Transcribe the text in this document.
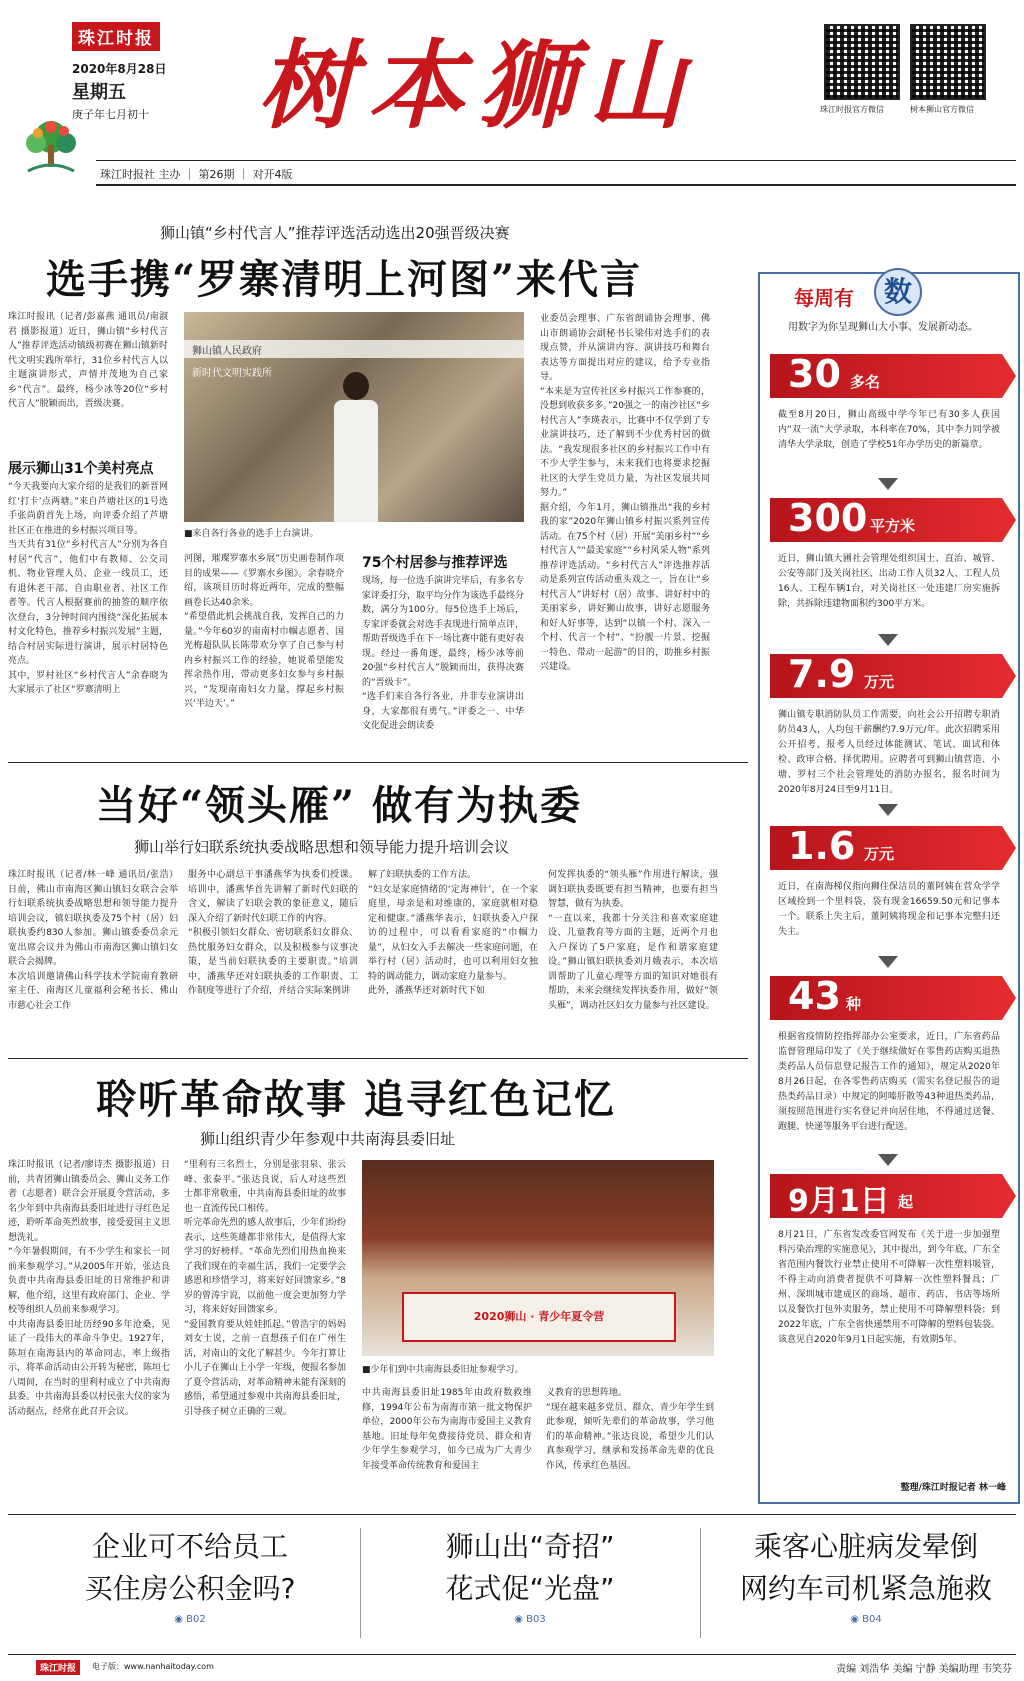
珠江时报
2020年8月28日
星期五
庚子年七月初十 树本狮山	珠江时报官方微信	树本狮山官方微信
珠江时报社 主办 ｜ 第26期 ｜ 对开4版
狮山镇“乡村代言人”推荐评选活动选出20强晋级决赛
选手携“罗寨清明上河图”来代言
珠江时报讯（记者/彭嘉燕 通讯员/南淑君 摄影报道）近日，狮山镇“乡村代言人”推荐评选活动镇级初赛在狮山镇新时代文明实践所举行，31位乡村代言人以主题演讲形式，声情并茂地为自己家乡“代言”。最终，杨少冰等20位“乡村代言人”脱颖而出，晋级决赛。
展示狮山31个美村亮点
“今天我要向大家介绍的是我们的新晋网红‘打卡’点两塘。”来自芦塘社区的1号选手张尚蔚首先上场，向评委介绍了芦塘社区正在推进的乡村振兴项目等。
当天共有31位“乡村代言人”分别为各自村居“代言”，他们中有教师、公交司机、物业管理人员、企业一线员工，还有退休老干部、自由职业者、社区工作者等。代言人根据赛前的抽签的顺序依次登台，3分钟时间内围绕“深化拓展本村文化特色，推荐乡村振兴发展”主题，结合村居实际进行演讲，展示村居特色亮点。
其中，罗村社区“乡村代言人”余春晓为大家展示了社区“罗寨清明上
狮山镇人民政府
新时代文明实践所
■来自各行各业的选手上台演讲。
河图，璀璨罗寨水乡展”历史画卷制作项目的成果——《罗寨水乡图》。余春晓介绍，该项目历时将近两年，完成的整幅画卷长达40余米。
“希望借此机会挑战自我，发挥自己的力量。”今年60岁的南南村巾帼志愿者、国光梅超队队长陈带欢分享了自己参与村内乡村振兴工作的经验，她说希望能发挥余热作用，带动更多妇女参与乡村振兴，“发现南南妇女力量，撑起乡村振兴‘半边天’。”
75个村居参与推荐评选
现场，每一位选手演讲完毕后，有多名专家评委打分，取平均分作为该选手最终分数，满分为100分。每5位选手上场后，专家评委就会对选手表现进行简单点评，帮助晋级选手在下一场比赛中能有更好表现。经过一番角逐，最终，杨少冰等前20强“乡村代言人”脱颖而出，获得决赛的“晋级卡”。
“选手们来自各行各业，并非专业演讲出身，大家都很有勇气。”评委之一、中华文化促进会朗读委
业委员会理事、广东省朗诵协会理事、佛山市朗诵协会副秘书长梁伟对选手们的表现点赞，并从演讲内容、演讲技巧和舞台表达等方面提出对应的建议，给予专业指导。
“本来是为宣传社区乡村振兴工作参赛的，没想到收获多多。”20强之一的南沙社区“乡村代言人”李瑛表示，比赛中不仅学到了专业演讲技巧，还了解到不少优秀村居的做法。“我发现很多社区的乡村振兴工作中有不少大学生参与，未来我们也将要求挖掘社区的大学生党员力量，为社区发展共同努力。”
据介绍，今年1月，狮山镇推出“我的乡村我的家”2020年狮山镇乡村振兴系列宣传活动。在75个村（居）开展“美丽乡村”“乡村代言人”“最美家庭”“乡村风采人物”系列推荐评选活动。“乡村代言人”评选推荐活动是系列宣传活动重头戏之一，旨在让“乡村代言人”讲好村（居）故事、讲好村中的美丽家乡，讲好狮山故事，讲好志愿服务和好人好事等，达到“以镇一个村、深入一个村、代言一个村”、“扮靓一片景、挖掘一特色、带动一起游”的目的，助推乡村振兴建设。
当好“领头雁” 做有为执委
狮山举行妇联系统执委战略思想和领导能力提升培训会议
珠江时报讯（记者/林一峰 通讯员/张浩）日前，佛山市南海区狮山镇妇女联合会举行妇联系统执委战略思想和领导能力提升培训会议，镇妇联执委及75个村（居）妇联执委约830人参加。狮山镇委委员余元宽出席会议并为佛山市南海区狮山镇妇女联合会揭牌。
本次培训邀请佛山科学技术学院南育教研室主任、南海区儿童福利会秘书长、佛山市慈心社会工作
服务中心副总干事潘燕华为执委们授课。培训中，潘燕华首先讲解了新时代妇联的含义，解读了妇联会教的象征意义，随后深入介绍了新时代妇联工作的内容。
“积极引领妇女群众、密切联系妇女群众、热忱服务妇女群众，以及积极参与议事决策，是当前妇联执委的主要职责。”培训中，潘燕华还对妇联执委的工作职责、工作制度等进行了介绍，并结合实际案例讲
解了妇联执委的工作方法。
“妇女是家庭情绪的‘定海神针’，在一个家庭里，母亲是和对维康的，家庭就相对稳定和健康。”潘燕华表示，妇联执委入户探访的过程中，可以看看家庭的“巾帼力量”，从妇女入手去解决一些家庭问题，在举行村（居）活动时，也可以利用妇女独特的调动能力，调动家庭力量参与。
此外，潘燕华还对新时代下如
何发挥执委的“领头雁”作用进行解读，强调妇联执委既要有担当精神，也要有担当智慧，做有为执委。
“一直以来，我都十分关注和喜欢家庭建设、儿童教育等方面的主题，近两个月也入户探访了5户家庭，是作和谐家庭建设。”狮山镇妇联执委刘月娥表示，本次培训帮助了儿童心理等方面的知识对她很有帮助，未来会继续发挥执委作用，做好“领头雁”，调动社区妇女力量参与社区建设。
聆听革命故事 追寻红色记忆
狮山组织青少年参观中共南海县委旧址
珠江时报讯（记者/廖诗杰 摄影报道）日前，共青团狮山镇委员会、狮山义务工作者（志愿者）联合会开展夏令营活动，多名少年到中共南海县委旧址进行寻红色足迹，聆听革命英烈故事，接受爱国主义思想洗礼。
“今年暑假期间，有不少学生和家长一同前来参观学习。”从2005年开始，张达良负责中共南海县委旧址的日常维护和讲解，他介绍，这里有政府部门、企业、学校等组织人员前来参观学习。
中共南海县委旧址历经90多年沧桑，见证了一段伟大的革命斗争史。1927年，陈垣在南海县内的革命同志，率上级指示，将革命活动由公开转为秘密，陈垣七八周间，在当时的里利村成立了中共南海县委。中共南海县委以村民张大仪的家为活动据点，经常在此召开会议。
“里利有三名烈士，分别是张羽泉、张云峰、张泰平。”张达良说，后人对这些烈士都非常敬重，中共南海县委旧址的故事也一直流传民口相传。
听完革命先烈的感人故事后，少年们纷纷表示，这些英雄都非常伟大，是值得大家学习的好榜样。“革命先烈们用热血换来了我们现在的幸福生活，我们一定要学会感恩和珍惜学习，将来好好回馈家乡。”8岁的曾涛宇说，以前他一度会更加努力学习，将来好好回馈家乡。
“爱国教育要从娃娃抓起。”曾浩宇的妈妈刘女士说，之前一直想孩子们在广州生活，对南山的文化了解甚少。今年打算让小儿子在狮山上小学一年级，便报名参加了夏令营活动，对革命精神未能有深刻的感悟，希望通过参观中共南海县委旧址，引导孩子树立正确的三观。
2020狮山 · 青少年夏令营
■少年们到中共南海县委旧址参观学习。
中共南海县委旧址1985年由政府数救维修，1994年公布为南海市第一批文物保护单位，2000年公布为南海市爱国主义教育基地。旧址每年免费接待党员、群众和青少年学生参观学习，如今已成为广大青少年接受革命传统教育和爱国主
义教育的思想阵地。
“现在越来越多党员、群众、青少年学生到此参观，倾听先辈们的革命故事，学习他们的革命精神。”张达良说，希望少儿们认真参观学习，继承和发扬革命先辈的优良作风，传承红色基因。
每周有	数
用数字为你呈现狮山大小事、发展新动态。
30 多名
截至8月20日，狮山高级中学今年已有30多人获国内“双一流”大学录取，本科率在70%，其中李力同学被清华大学录取，创造了学校51年办学历史的新篇章。
300 平方米
近日，狮山镇大圃社会管理处组织国土、直治、城管、公安等部门及关岗社区、出动工作人员32人、工程人员16人、工程车辆1台，对关岗社区一处违建厂房实施拆除，共拆除违建物面积约300平方米。
7.9 万元
狮山镇专职消防队员工作需要，向社会公开招聘专职消防员43人，人均包干薪酬约7.9万元/年。此次招聘采用公开招考，报考人员经过体能测试、笔试、面试和体检、政审合格，择优聘用。应聘者可到狮山镇营造、小塘、罗村三个社会管理处的消防办报名，报名时间为2020年8月24日至9月11日。
1.6 万元
近日，在南海梯仪指向狮住保洁员的董阿姨在营众学学区域捡到一个里料袋，袋有现金16659.50元和记事本一个。联系上失主后，董阿姨将现金和记事本完整归还失主。
43 种
根据省疫情防控指挥部办公室要求，近日，广东省药品监督管理局印发了《关于继续做好在零售药店购买退热类药品人员信息登记报告工作的通知》，规定从2020年8月26日起，在各零售药店购买（需实名登记报告的退热类药品目录）中规定的阿嗪肝散等43种退热类药品，须按照范围进行实名登记并向居住地，不得通过送餐、跑腿、快递等服务平台进行配送。
9月1日 起
8月21日，广东省发改委官网发布《关于进一步加强塑料污染治理的实施意见》，其中提出，到今年底，广东全省范围内餐饮行业禁止使用不可降解一次性塑料吸管，不得主动向消费者提供不可降解一次性塑料餐具；广州、深圳城市建成区的商场、超市、药店、书店等场所以及餐饮打包外卖服务，禁止使用不可降解塑料袋；到2022年底，广东全省快递禁用不可降解的塑料包装袋。该意见自2020年9月1日起实施，有效期5年。
整理/珠江时报记者 林一峰
企业可不给员工
买住房公积金吗?
◉ B02
狮山出“奇招”
花式促“光盘”
◉ B03
乘客心脏病发晕倒
网约车司机紧急施救
◉ B04
珠江时报	电子版：www.nanhaitoday.com	责编 刘浩华 美编 宁静 美编助理 韦笑芬
